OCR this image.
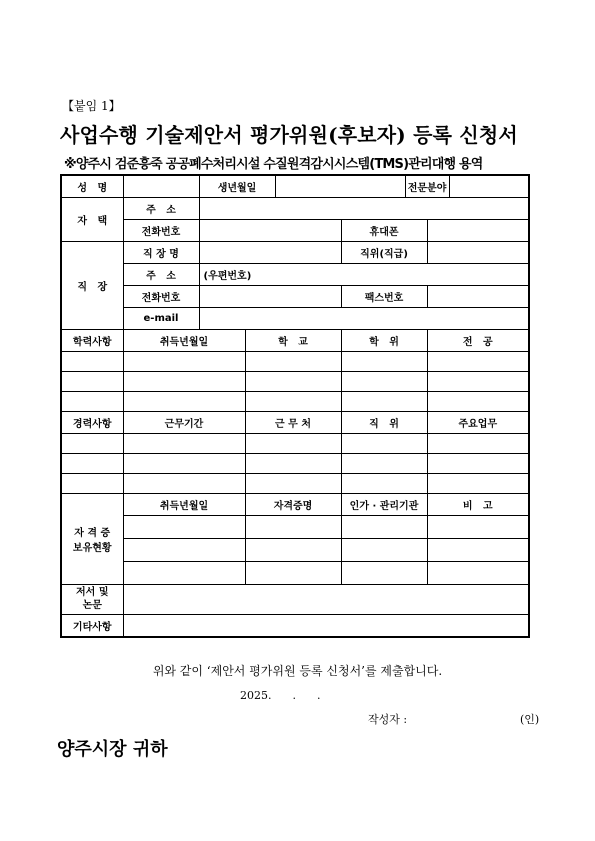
【붙임 1】
사업수행 기술제안서 평가위원(후보자) 등록 신청서
※양주시 검준흥죽 공공폐수처리시설 수질원격감시시스템(TMS)관리대행 용역
성   명		생년월일				전문분야		
자   택	주   소							
	전화번호				휴대폰			
직   장	직 장 명				직위(직급)			
	주   소	(우편번호)						
	전화번호				팩스번호			
	e-mail							
학력사항	취득년월일		학   교		학   위		전   공	

경력사항	근무기간		근 무 처		직   위		주요업무	

자 격 증
보유현황	취득년월일		자격증명		인가 · 관리기관		비   고	

저서 및
논문								
기타사항								
위와 같이 ‘제안서 평가위원 등록 신청서’를 제출합니다.
2025.      .      .
작성자 :	(인)
양주시장 귀하
